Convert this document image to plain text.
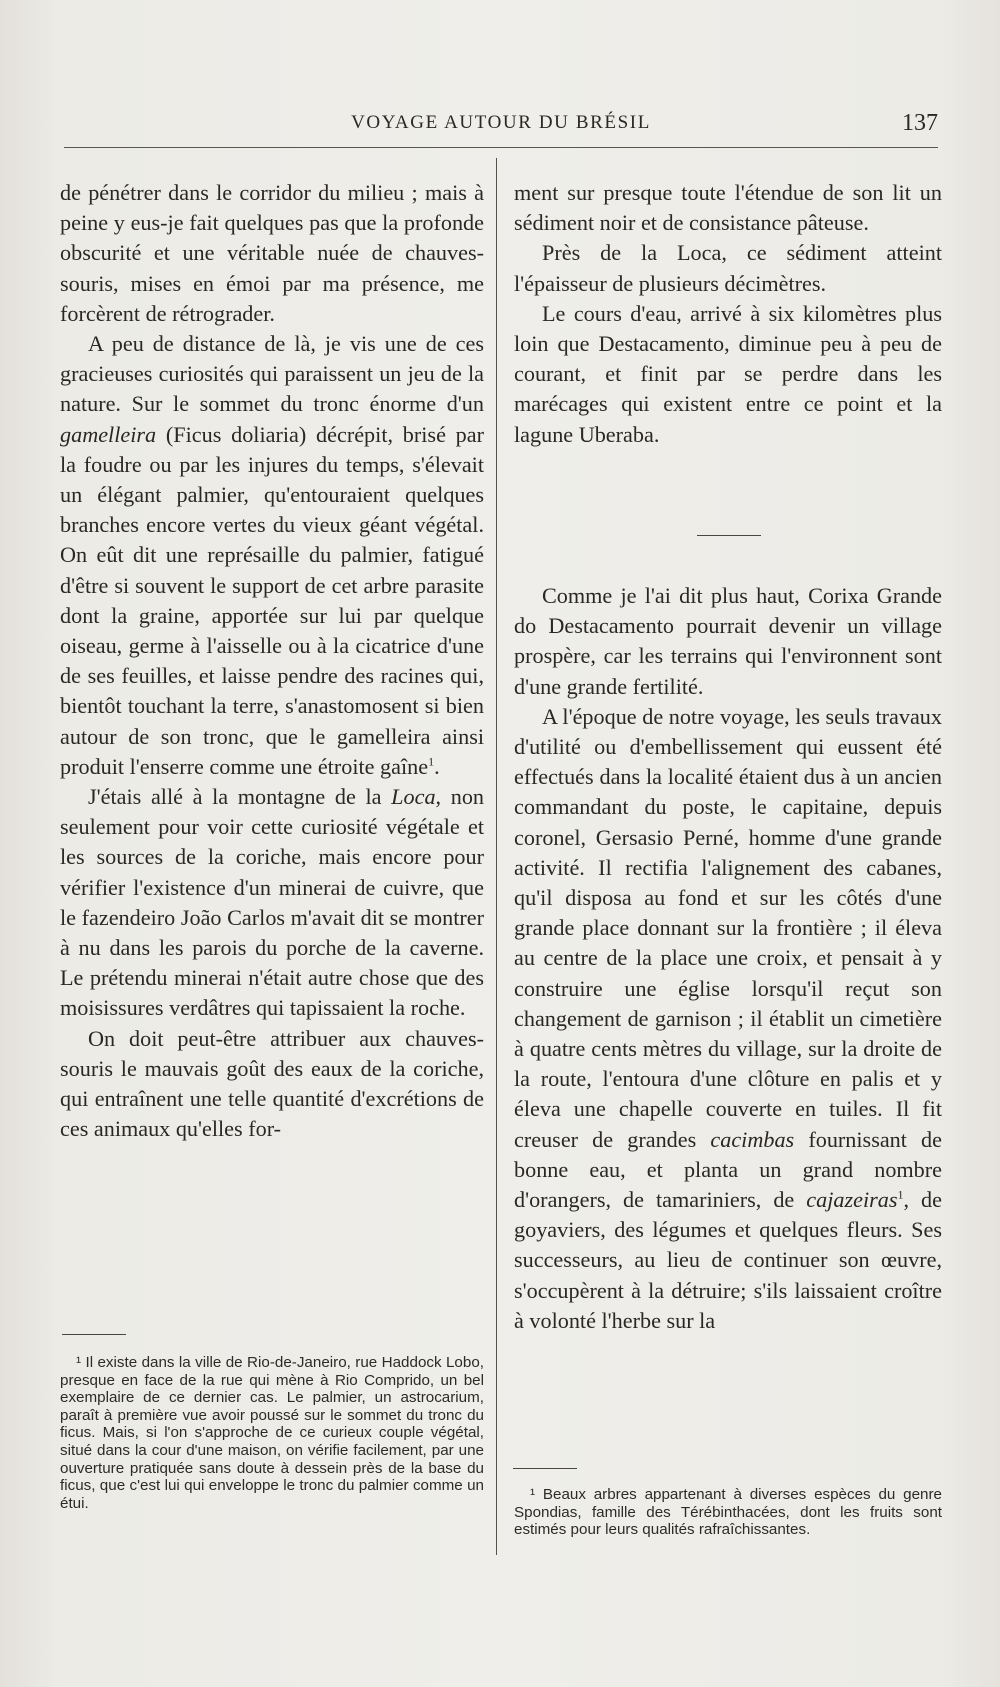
VOYAGE AUTOUR DU BRÉSIL	137

de pénétrer dans le corridor du milieu ; mais à peine y eus-je fait quelques pas que la profonde obscurité et une véritable nuée de chauves-souris, mises en émoi par ma présence, me forcèrent de rétrograder.

A peu de distance de là, je vis une de ces gracieuses curiosités qui paraissent un jeu de la nature. Sur le sommet du tronc énorme d'un gamelleira (Ficus doliaria) décrépit, brisé par la foudre ou par les injures du temps, s'élevait un élégant palmier, qu'entouraient quelques branches encore vertes du vieux géant végétal. On eût dit une représaille du palmier, fatigué d'être si souvent le support de cet arbre parasite dont la graine, apportée sur lui par quelque oiseau, germe à l'aisselle ou à la cicatrice d'une de ses feuilles, et laisse pendre des racines qui, bientôt touchant la terre, s'anastomosent si bien autour de son tronc, que le gamelleira ainsi produit l'enserre comme une étroite gaîne$^1$.

J'étais allé à la montagne de la Loca, non seulement pour voir cette curiosité végétale et les sources de la coriche, mais encore pour vérifier l'existence d'un minerai de cuivre, que le fazendeiro João Carlos m'avait dit se montrer à nu dans les parois du porche de la caverne. Le prétendu minerai n'était autre chose que des moisissures verdâtres qui tapissaient la roche.

On doit peut-être attribuer aux chauves-souris le mauvais goût des eaux de la coriche, qui entraînent une telle quantité d'excrétions de ces animaux qu'elles for-

¹ Il existe dans la ville de Rio-de-Janeiro, rue Haddock Lobo, presque en face de la rue qui mène à Rio Comprido, un bel exemplaire de ce dernier cas. Le palmier, un astrocarium, paraît à première vue avoir poussé sur le sommet du tronc du ficus. Mais, si l'on s'approche de ce curieux couple végétal, situé dans la cour d'une maison, on vérifie facilement, par une ouverture pratiquée sans doute à dessein près de la base du ficus, que c'est lui qui enveloppe le tronc du palmier comme un étui.

ment sur presque toute l'étendue de son lit un sédiment noir et de consistance pâteuse.

Près de la Loca, ce sédiment atteint l'épaisseur de plusieurs décimètres.

Le cours d'eau, arrivé à six kilomètres plus loin que Destacamento, diminue peu à peu de courant, et finit par se perdre dans les marécages qui existent entre ce point et la lagune Uberaba.

Comme je l'ai dit plus haut, Corixa Grande do Destacamento pourrait devenir un village prospère, car les terrains qui l'environnent sont d'une grande fertilité.

A l'époque de notre voyage, les seuls travaux d'utilité ou d'embellissement qui eussent été effectués dans la localité étaient dus à un ancien commandant du poste, le capitaine, depuis coronel, Gersasio Perné, homme d'une grande activité. Il rectifia l'alignement des cabanes, qu'il disposa au fond et sur les côtés d'une grande place donnant sur la frontière ; il éleva au centre de la place une croix, et pensait à y construire une église lorsqu'il reçut son changement de garnison ; il établit un cimetière à quatre cents mètres du village, sur la droite de la route, l'entoura d'une clôture en palis et y éleva une chapelle couverte en tuiles. Il fit creuser de grandes cacimbas fournissant de bonne eau, et planta un grand nombre d'orangers, de tamariniers, de cajazeiras$^1$, de goyaviers, des légumes et quelques fleurs. Ses successeurs, au lieu de continuer son œuvre, s'occupèrent à la détruire; s'ils laissaient croître à volonté l'herbe sur la

¹ Beaux arbres appartenant à diverses espèces du genre Spondias, famille des Térébinthacées, dont les fruits sont estimés pour leurs qualités rafraîchissantes.
